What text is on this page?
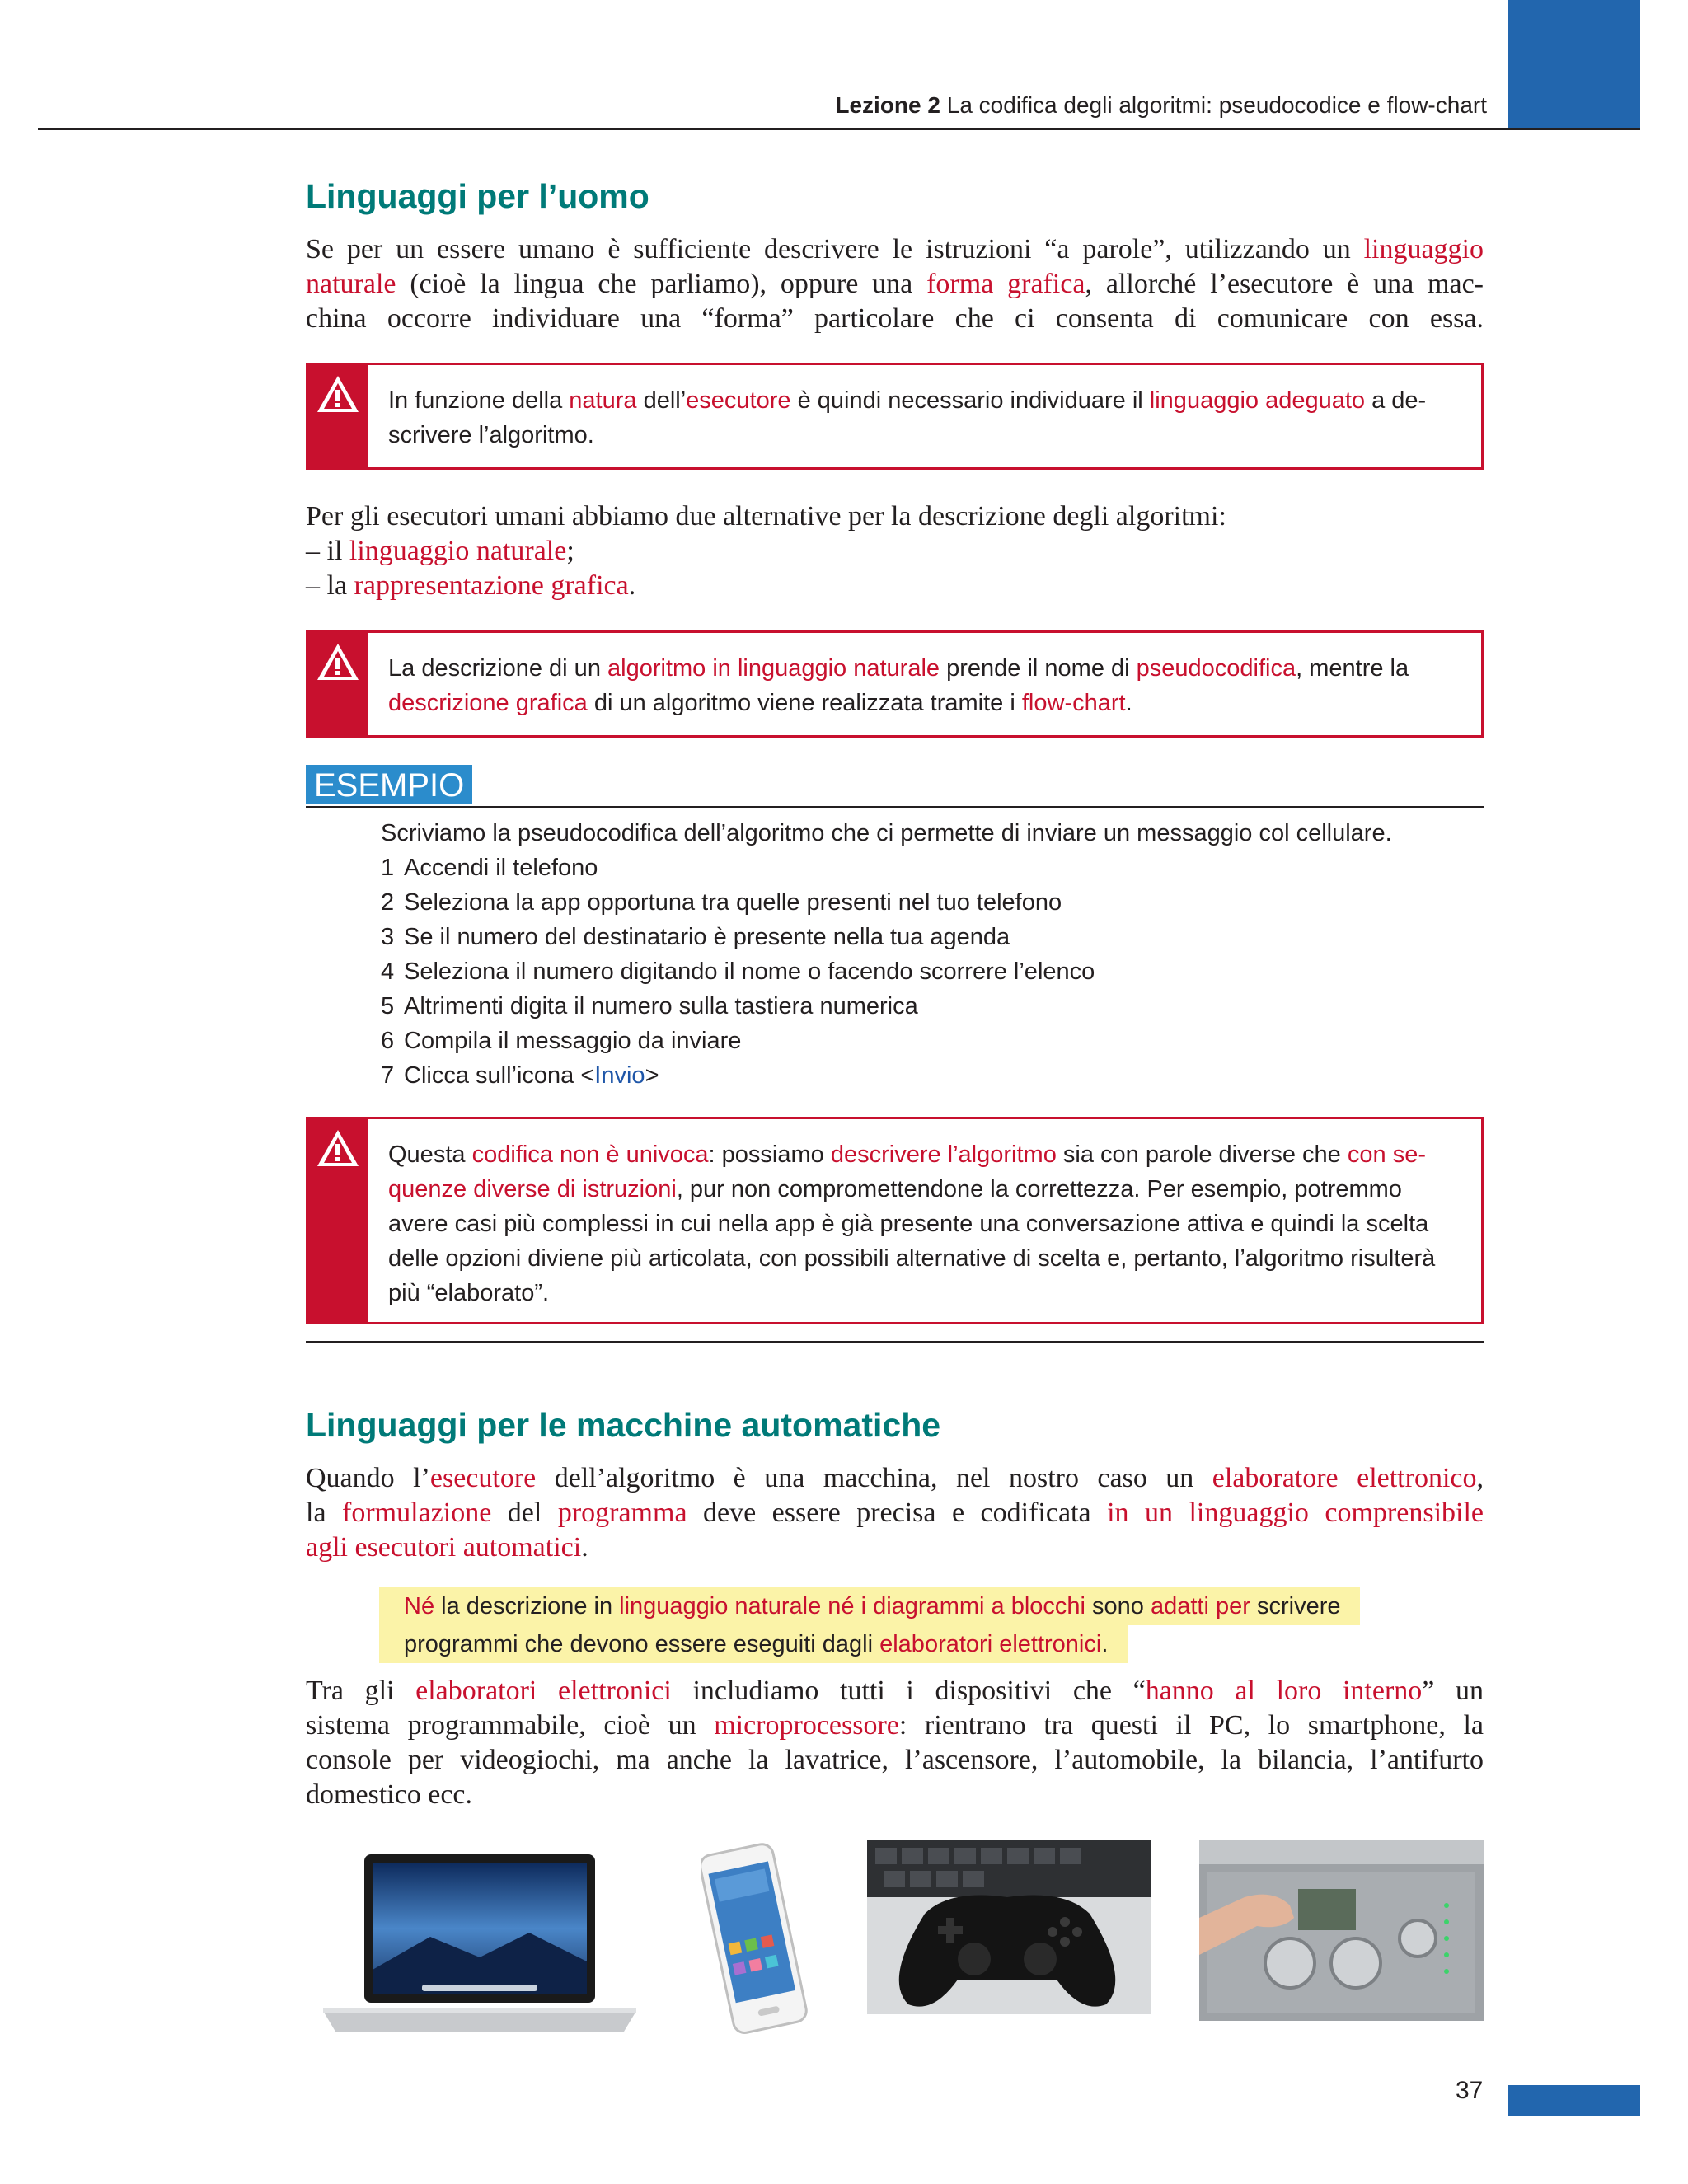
Lezione 2 La codifica degli algoritmi: pseudocodice e flow-chart
Linguaggi per l’uomo
Se per un essere umano è sufficiente descrivere le istruzioni “a parole”, utilizzando un linguaggio
naturale (cioè la lingua che parliamo), oppure una forma grafica, allorché l’esecutore è una mac-
china occorre individuare una “forma” particolare che ci consenta di comunicare con essa.
In funzione della natura dell’esecutore è quindi necessario individuare il linguaggio adeguato a de-
scrivere l’algoritmo.
Per gli esecutori umani abbiamo due alternative per la descrizione degli algoritmi:
– il linguaggio naturale;
– la rappresentazione grafica.
La descrizione di un algoritmo in linguaggio naturale prende il nome di pseudocodifica, mentre la
descrizione grafica di un algoritmo viene realizzata tramite i flow-chart.
ESEMPIO
Scriviamo la pseudocodifica dell’algoritmo che ci permette di inviare un messaggio col cellulare.
1 Accendi il telefono
2 Seleziona la app opportuna tra quelle presenti nel tuo telefono
3 Se il numero del destinatario è presente nella tua agenda
4 Seleziona il numero digitando il nome o facendo scorrere l’elenco
5 Altrimenti digita il numero sulla tastiera numerica
6 Compila il messaggio da inviare
7 Clicca sull’icona <Invio>
Questa codifica non è univoca: possiamo descrivere l’algoritmo sia con parole diverse che con se-
quenze diverse di istruzioni, pur non compromettendone la correttezza. Per esempio, potremmo
avere casi più complessi in cui nella app è già presente una conversazione attiva e quindi la scelta
delle opzioni diviene più articolata, con possibili alternative di scelta e, pertanto, l’algoritmo risulterà
più “elaborato”.
Linguaggi per le macchine automatiche
Quando l’esecutore dell’algoritmo è una macchina, nel nostro caso un elaboratore elettronico,
la formulazione del programma deve essere precisa e codificata in un linguaggio comprensibile
agli esecutori automatici.
Né la descrizione in linguaggio naturale né i diagrammi a blocchi sono adatti per scrivere
programmi che devono essere eseguiti dagli elaboratori elettronici.
Tra gli elaboratori elettronici includiamo tutti i dispositivi che “hanno al loro interno” un
sistema programmabile, cioè un microprocessore: rientrano tra questi il PC, lo smartphone, la
console per videogiochi, ma anche la lavatrice, l’ascensore, l’automobile, la bilancia, l’antifurto
domestico ecc.
37
